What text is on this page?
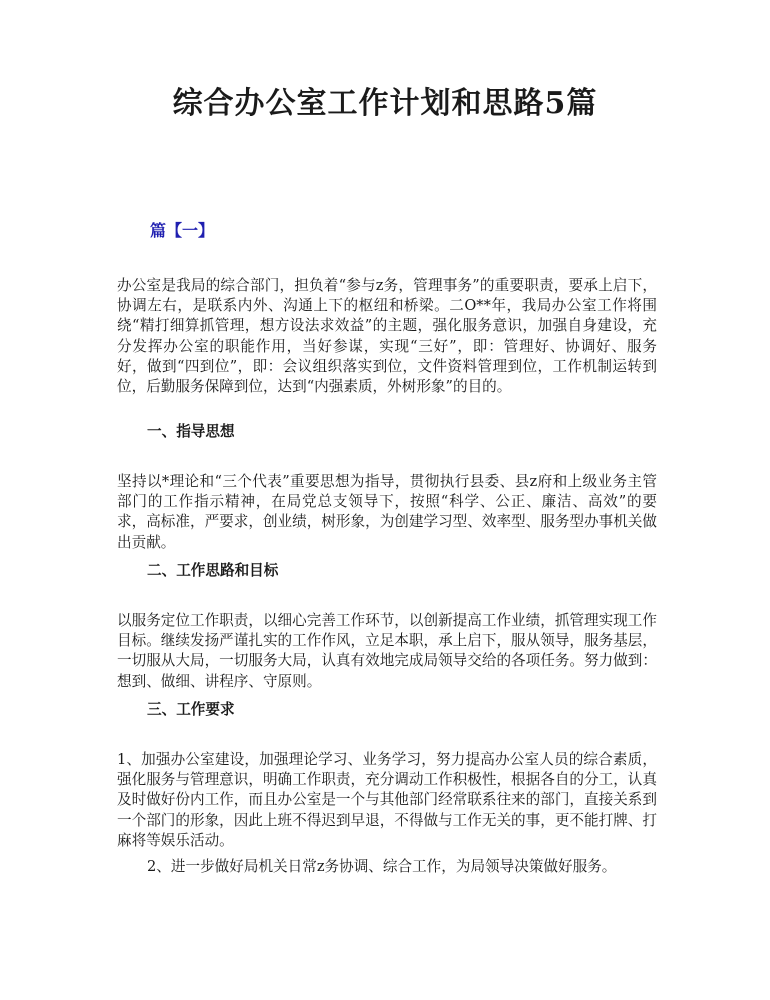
综合办公室工作计划和思路5篇

篇【一】

办公室是我局的综合部门，担负着“参与z务，管理事务”的重要职责，要承上启下，协调左右，是联系内外、沟通上下的枢纽和桥梁。二O**年，我局办公室工作将围绕“精打细算抓管理，想方设法求效益”的主题，强化服务意识，加强自身建设，充分发挥办公室的职能作用，当好参谋，实现“三好”，即：管理好、协调好、服务好，做到“四到位”，即：会议组织落实到位，文件资料管理到位，工作机制运转到位，后勤服务保障到位，达到“内强素质，外树形象”的目的。

一、指导思想

坚持以*理论和“三个代表”重要思想为指导，贯彻执行县委、县z府和上级业务主管部门的工作指示精神，在局党总支领导下，按照“科学、公正、廉洁、高效”的要求，高标准，严要求，创业绩，树形象，为创建学习型、效率型、服务型办事机关做出贡献。

二、工作思路和目标

以服务定位工作职责，以细心完善工作环节，以创新提高工作业绩，抓管理实现工作目标。继续发扬严谨扎实的工作作风，立足本职，承上启下，服从领导，服务基层，一切服从大局，一切服务大局，认真有效地完成局领导交给的各项任务。努力做到：想到、做细、讲程序、守原则。

三、工作要求

1、加强办公室建设，加强理论学习、业务学习，努力提高办公室人员的综合素质，强化服务与管理意识，明确工作职责，充分调动工作积极性，根据各自的分工，认真及时做好份内工作，而且办公室是一个与其他部门经常联系往来的部门，直接关系到一个部门的形象，因此上班不得迟到早退，不得做与工作无关的事，更不能打牌、打麻将等娱乐活动。

2、进一步做好局机关日常z务协调、综合工作，为局领导决策做好服务。
